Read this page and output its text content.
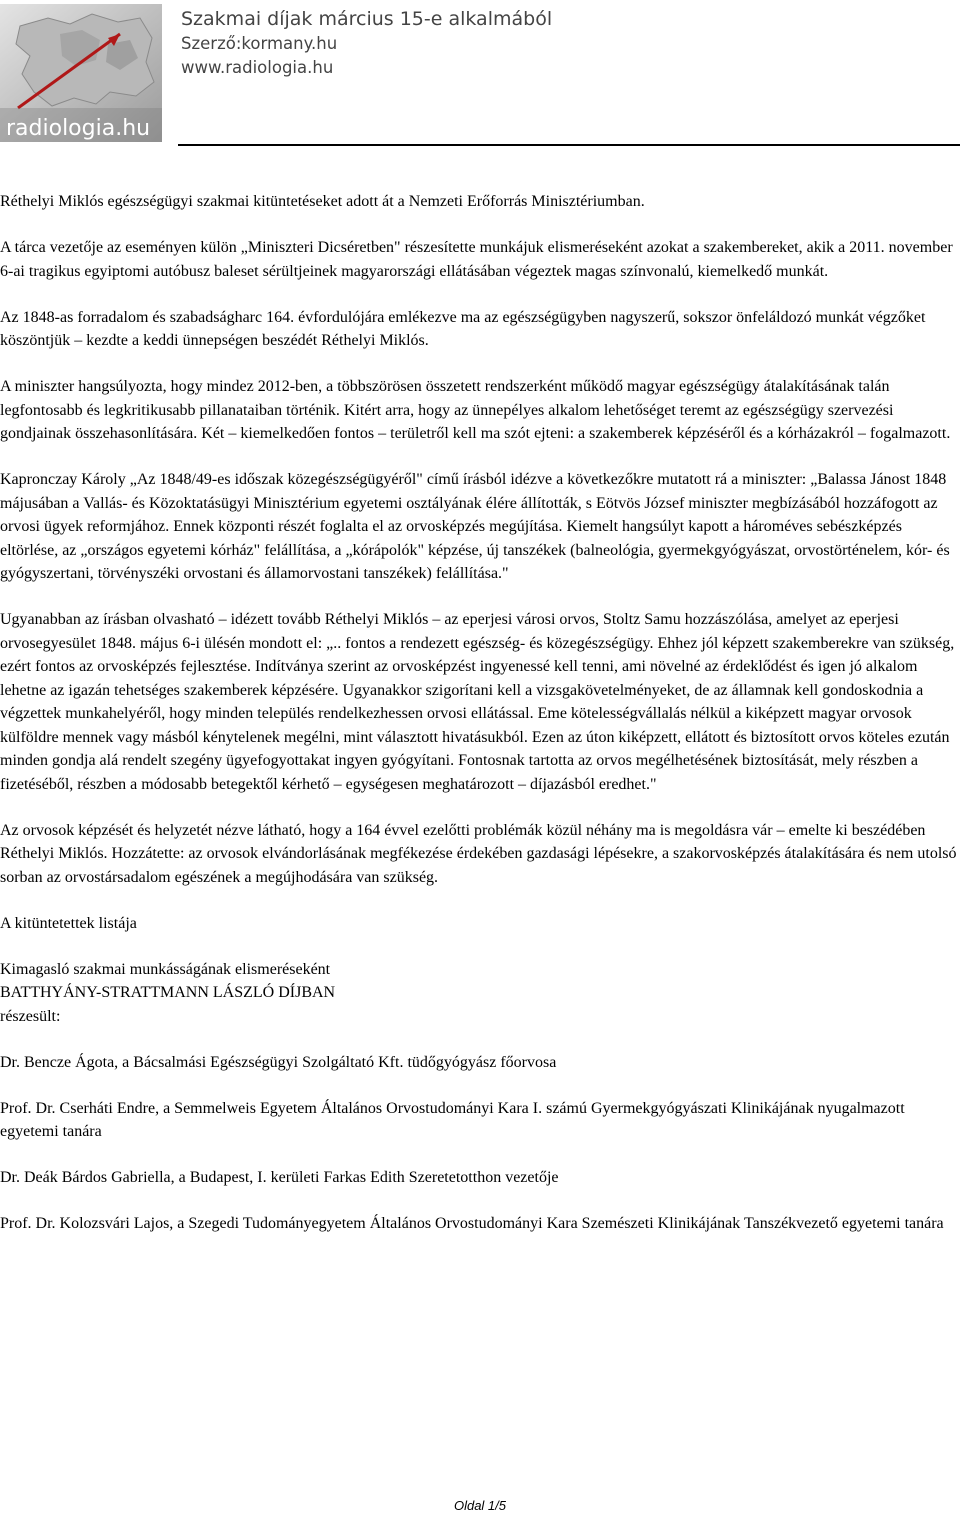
radiologia.hu
Szakmai díjak március 15-e alkalmából
Szerző:kormany.hu
www.radiologia.hu

Réthelyi Miklós egészségügyi szakmai kitüntetéseket adott át a Nemzeti Erőforrás Minisztériumban.

A tárca vezetője az eseményen külön „Miniszteri Dicséretben" részesítette munkájuk elismeréseként azokat a szakembereket, akik a 2011. november 6-ai tragikus egyiptomi autóbusz baleset sérültjeinek magyarországi ellátásában végeztek magas színvonalú, kiemelkedő munkát.

Az 1848-as forradalom és szabadságharc 164. évfordulójára emlékezve ma az egészségügyben nagyszerű, sokszor önfeláldozó munkát végzőket köszöntjük – kezdte a keddi ünnepségen beszédét Réthelyi Miklós.

A miniszter hangsúlyozta, hogy mindez 2012-ben, a többszörösen összetett rendszerként működő magyar egészségügy átalakításának talán legfontosabb és legkritikusabb pillanataiban történik. Kitért arra, hogy az ünnepélyes alkalom lehetőséget teremt az egészségügy szervezési gondjainak összehasonlítására. Két – kiemelkedően fontos – területről kell ma szót ejteni: a szakemberek képzéséről és a kórházakról – fogalmazott.

Kapronczay Károly „Az 1848/49-es időszak közegészségügyéről" című írásból idézve a következőkre mutatott rá a miniszter: „Balassa Jánost 1848 májusában a Vallás- és Közoktatásügyi Minisztérium egyetemi osztályának élére állították, s Eötvös József miniszter megbízásából hozzáfogott az orvosi ügyek reformjához. Ennek központi részét foglalta el az orvosképzés megújítása. Kiemelt hangsúlyt kapott a hároméves sebészképzés eltörlése, az „országos egyetemi kórház" felállítása, a „kórápolók" képzése, új tanszékek (balneológia, gyermekgyógyászat, orvostörténelem, kór- és gyógyszertani, törvényszéki orvostani és államorvostani tanszékek) felállítása."

Ugyanabban az írásban olvasható – idézett tovább Réthelyi Miklós – az eperjesi városi orvos, Stoltz Samu hozzászólása, amelyet az eperjesi orvosegyesület 1848. május 6-i ülésén mondott el: „.. fontos a rendezett egészség- és közegészségügy. Ehhez jól képzett szakemberekre van szükség, ezért fontos az orvosképzés fejlesztése. Indítványa szerint az orvosképzést ingyenessé kell tenni, ami növelné az érdeklődést és igen jó alkalom lehetne az igazán tehetséges szakemberek képzésére. Ugyanakkor szigorítani kell a vizsgakövetelményeket, de az államnak kell gondoskodnia a végzettek munkahelyéről, hogy minden település rendelkezhessen orvosi ellátással. Eme kötelességvállalás nélkül a kiképzett magyar orvosok külföldre mennek vagy másból kénytelenek megélni, mint választott hivatásukból. Ezen az úton kiképzett, ellátott és biztosított orvos köteles ezután minden gondja alá rendelt szegény ügyefogyottakat ingyen gyógyítani. Fontosnak tartotta az orvos megélhetésének biztosítását, mely részben a fizetéséből, részben a módosabb betegektől kérhető – egységesen meghatározott – díjazásból eredhet."

Az orvosok képzését és helyzetét nézve látható, hogy a 164 évvel ezelőtti problémák közül néhány ma is megoldásra vár – emelte ki beszédében Réthelyi Miklós. Hozzátette: az orvosok elvándorlásának megfékezése érdekében gazdasági lépésekre, a szakorvosképzés átalakítására és nem utolsó sorban az orvostársadalom egészének a megújhodására van szükség.

A kitüntetettek listája

Kimagasló szakmai munkásságának elismeréseként
BATTHYÁNY-STRATTMANN LÁSZLÓ DÍJBAN
részesült:

Dr. Bencze Ágota, a Bácsalmási Egészségügyi Szolgáltató Kft. tüdőgyógyász főorvosa

Prof. Dr. Cserháti Endre, a Semmelweis Egyetem Általános Orvostudományi Kara I. számú Gyermekgyógyászati Klinikájának nyugalmazott egyetemi tanára

Dr. Deák Bárdos Gabriella, a Budapest, I. kerületi Farkas Edith Szeretetotthon vezetője

Prof. Dr. Kolozsvári Lajos, a Szegedi Tudományegyetem Általános Orvostudományi Kara Szemészeti Klinikájának Tanszékvezető egyetemi tanára

Oldal 1/5
